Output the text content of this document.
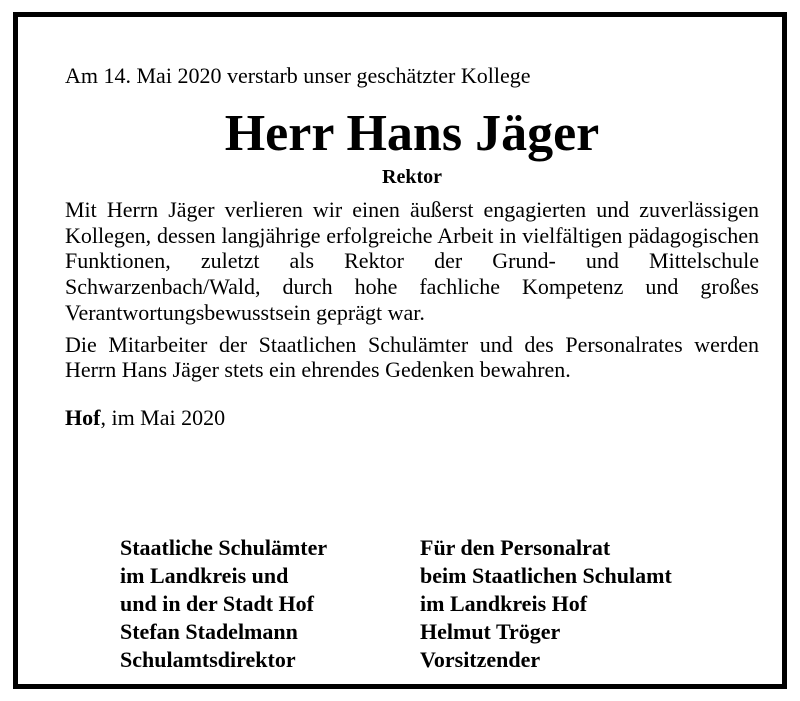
Am 14. Mai 2020 verstarb unser geschätzter Kollege

Herr Hans Jäger
Rektor

Mit Herrn Jäger verlieren wir einen äußerst engagierten und zuverlässigen Kollegen, dessen langjährige erfolgreiche Arbeit in vielfältigen pädagogischen Funktionen, zuletzt als Rektor der Grund- und Mittelschule Schwarzenbach/Wald, durch hohe fachliche Kompetenz und großes Verantwortungsbewusstsein geprägt war.

Die Mitarbeiter der Staatlichen Schulämter und des Personalrates werden Herrn Hans Jäger stets ein ehrendes Gedenken bewahren.

Hof, im Mai 2020

Staatliche Schulämter
im Landkreis und
und in der Stadt Hof
Stefan Stadelmann
Schulamtsdirektor
Für den Personalrat
beim Staatlichen Schulamt
im Landkreis Hof
Helmut Tröger
Vorsitzender
